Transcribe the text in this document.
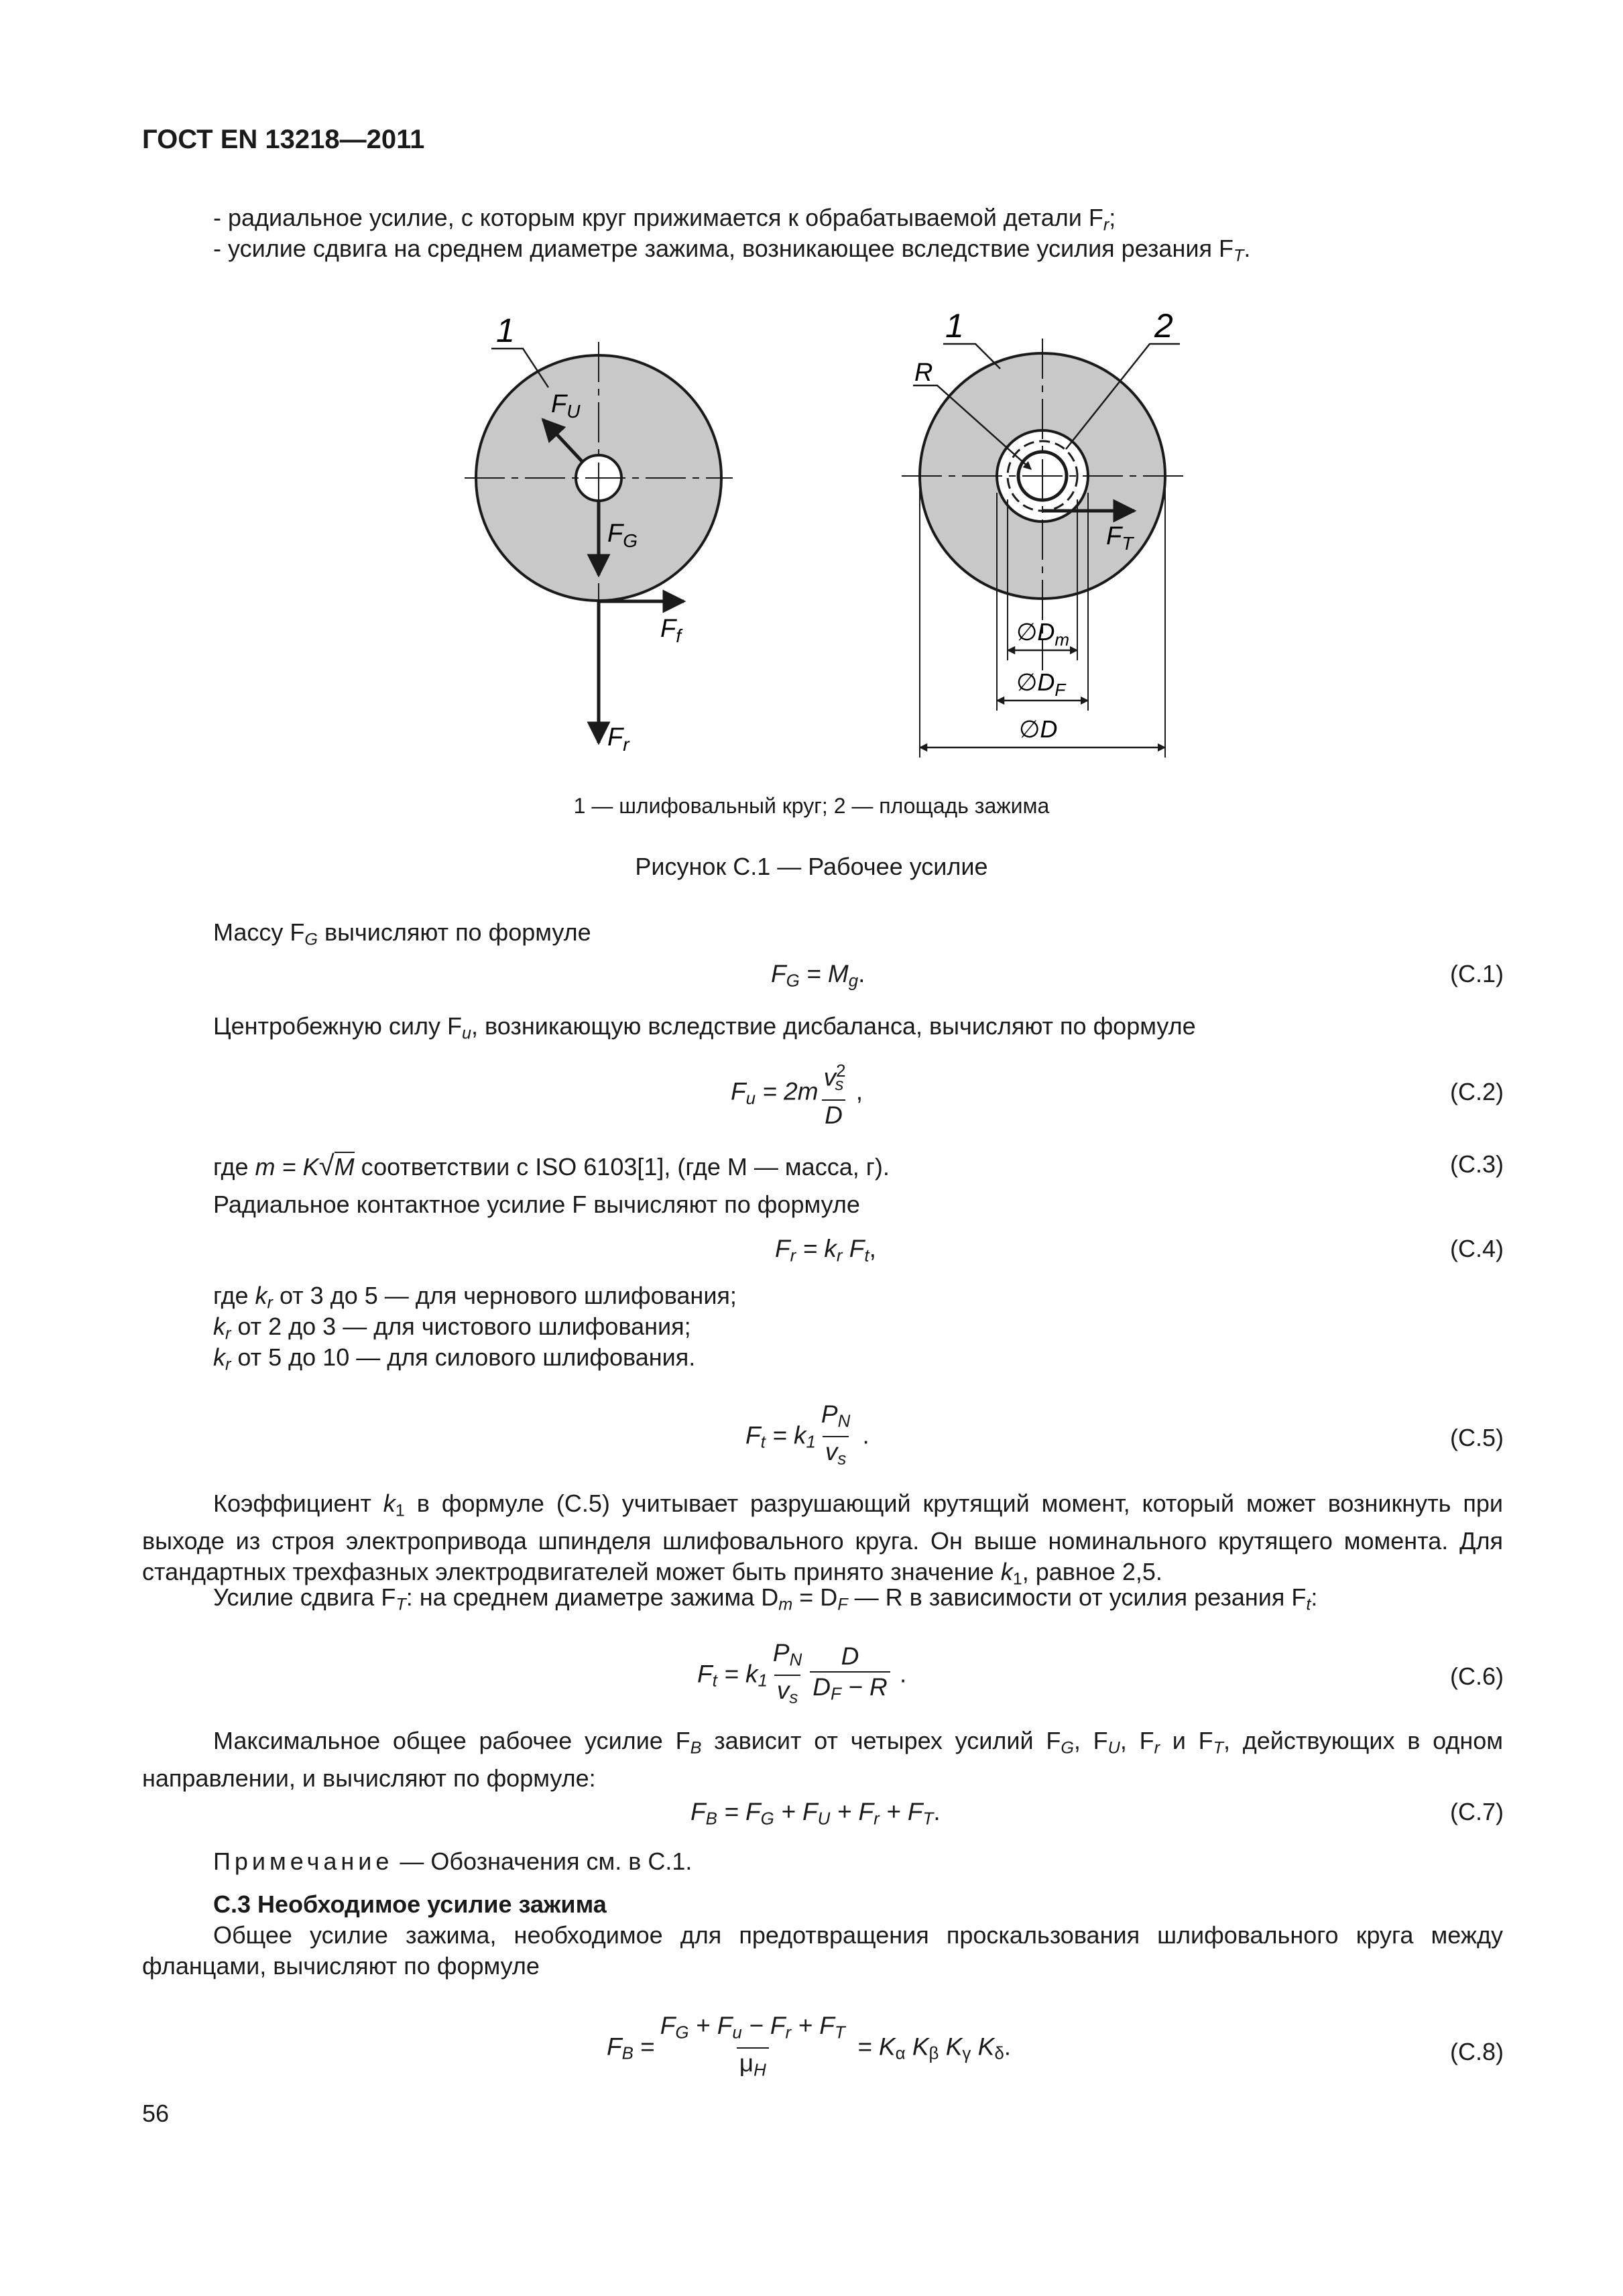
ГОСТ EN 13218—2011
- радиальное усилие, с которым круг прижимается к обрабатываемой детали $F_r$;
- усилие сдвига на среднем диаметре зажима, возникающее вследствие усилия резания $F_T$.
1
$F_U$
$F_G$
$F_f$
$F_r$
1	2
R
$F_T$
$\emptyset D_m$
$\emptyset D_F$
∅D
1 — шлифовальный круг; 2 — площадь зажима
Рисунок С.1 — Рабочее усилие
Массу $F_G$ вычисляют по формуле
$F_G = M_g$.	(С.1)
Центробежную силу $F_u$, возникающую вследствие дисбаланса, вычисляют по формуле
$F_u = 2m \frac{v^2_s}{D}$ ,	(С.2)
где m = K√M соответствии с ISO 6103[1], (где М — масса, г).	(С.3)
Радиальное контактное усилие F вычисляют по формуле
$F_r = k_r$ $F_t$,	(С.4)
где $k_r$ от 3 до 5 — для чернового шлифования;
$k_r$ от 2 до 3 — для чистового шлифования;
$k_r$ от 5 до 10 — для силового шлифования.
$F_t = k_1 \frac{P_N}{v_s}$ .	(С.5)
Коэффициент $k_1$ в формуле (С.5) учитывает разрушающий крутящий момент, который может возникнуть при выходе из строя электропривода шпинделя шлифовального круга. Он выше номинального крутящего момента. Для стандартных трехфазных электродвигателей может быть принято значение $k_1$, равное 2,5.
Усилие сдвига $F_T$: на среднем диаметре зажима $D_m = D_F$ — R в зависимости от усилия резания $F_t$:
$F_t = k_1 \frac{P_N}{v_s} \frac{D}{D_F - R}$ .	(С.6)
Максимальное общее рабочее усилие $F_B$ зависит от четырех усилий $F_G$, $F_U$, $F_r$ и $F_T$, действующих в одном направлении, и вычисляют по формуле:
$F_B = F_G + F_U + F_r + F_T$.	(С.7)
Примечание — Обозначения см. в С.1.
С.3 Необходимое усилие зажима
Общее усилие зажима, необходимое для предотвращения проскальзования шлифовального круга между фланцами, вычисляют по формуле
$F_B = \frac{F_G + F_u - F_r + F_T}{\mu_H} = K_\alpha$ $K_\beta$ $K_\gamma$ $K_\delta$.	(С.8)
56
